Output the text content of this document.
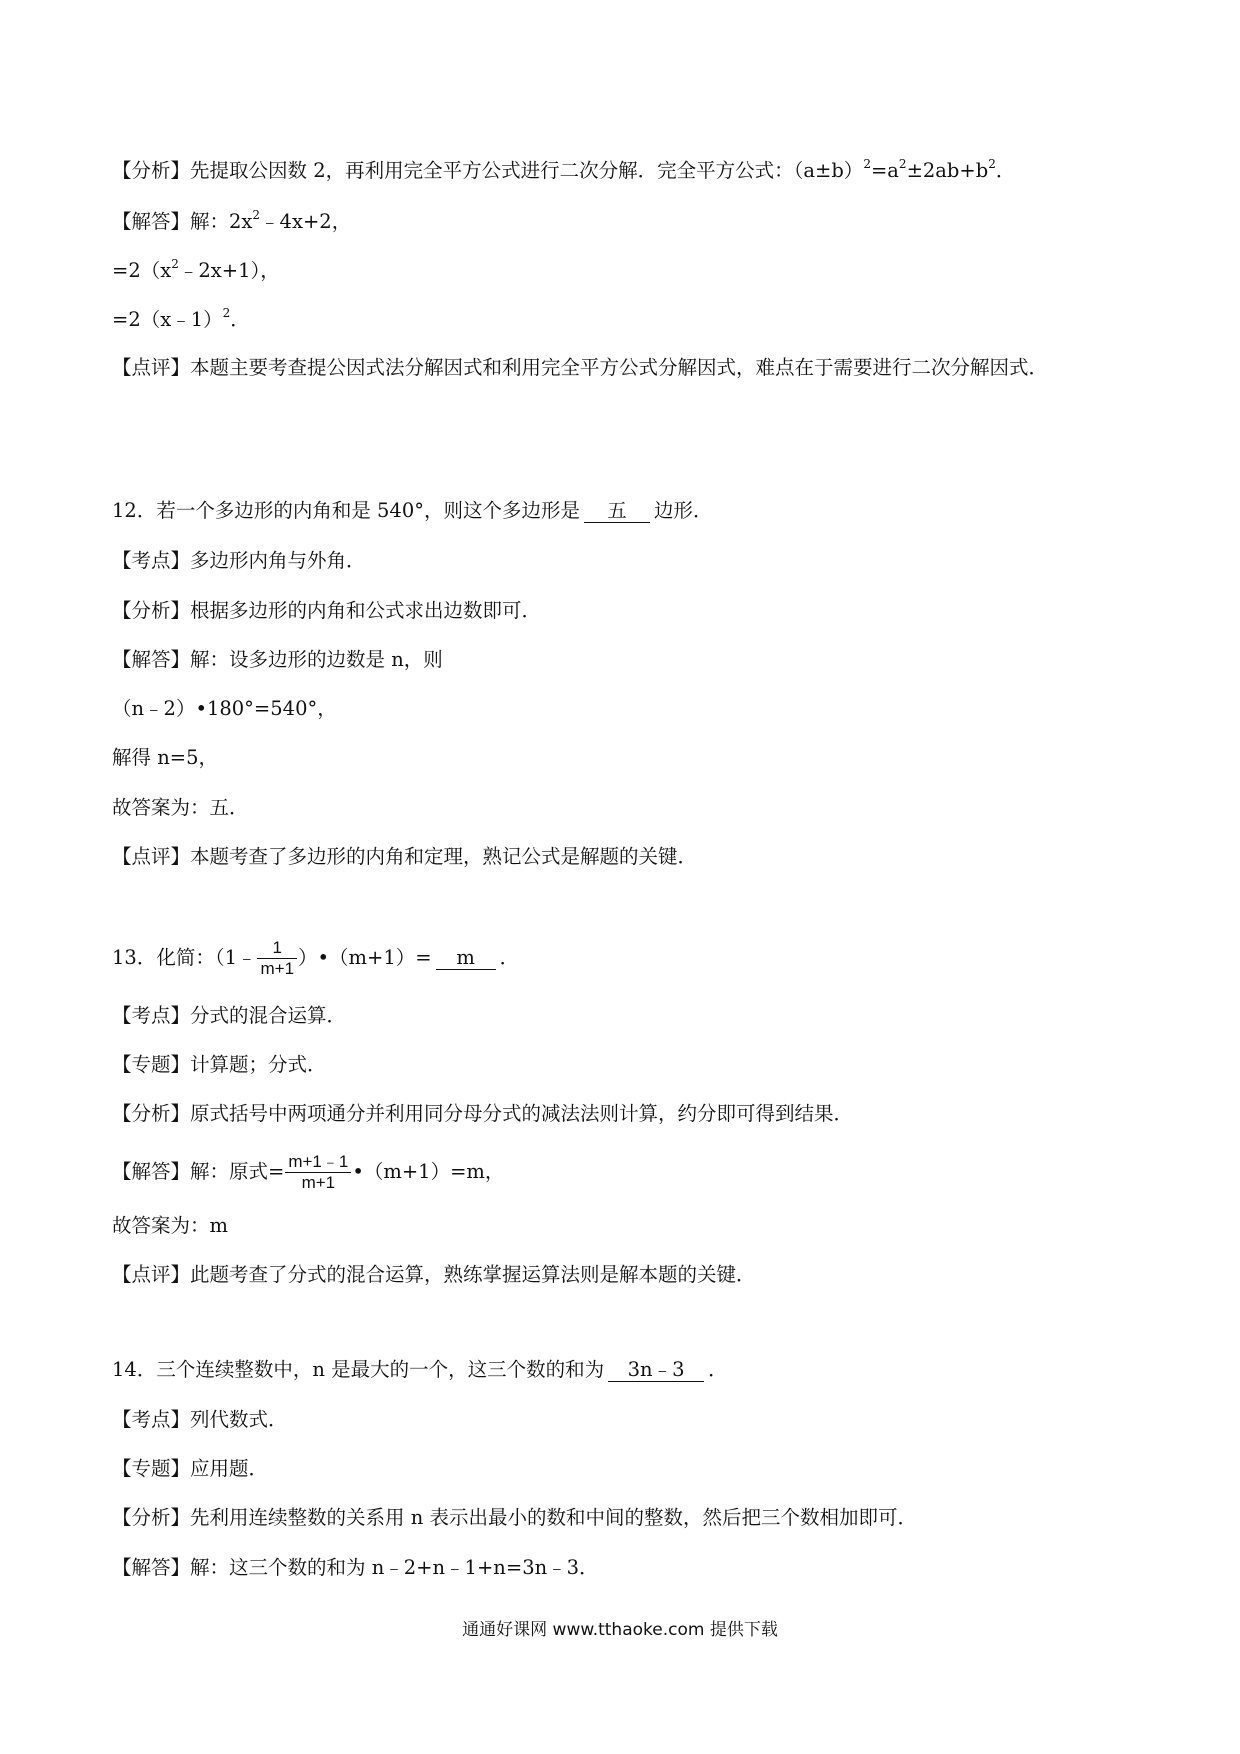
【分析】先提取公因数 2，再利用完全平方公式进行二次分解．完全平方公式：$(a\pm b)^2=a^2\pm 2ab+b^2$．
【解答】解：$2x^2﹣4x+2$，
$=2(x^2﹣2x+1)$，
=2（x﹣1）$^2$．
【点评】本题主要考查提公因式法分解因式和利用完全平方公式分解因式，难点在于需要进行二次分解因式．
12．若一个多边形的内角和是 540°，则这个多边形是 五 边形．
【考点】多边形内角与外角．
【分析】根据多边形的内角和公式求出边数即可．
【解答】解：设多边形的边数是 n，则
（n﹣2）•180°=540°，
解得 n=5，
故答案为：五．
【点评】本题考查了多边形的内角和定理，熟记公式是解题的关键．
13．化简：（1﹣ $\frac{1}{m+1}$ ）•（m+1）= m ．
【考点】分式的混合运算．
【专题】计算题；分式．
【分析】原式括号中两项通分并利用同分母分式的减法法则计算，约分即可得到结果．
【解答】解：原式= $\frac{m+1﹣1}{m+1}$ •（m+1）=m，
故答案为：m
【点评】此题考查了分式的混合运算，熟练掌握运算法则是解本题的关键．
14．三个连续整数中，n 是最大的一个，这三个数的和为 3n﹣3 ．
【考点】列代数式．
【专题】应用题．
【分析】先利用连续整数的关系用 n 表示出最小的数和中间的整数，然后把三个数相加即可．
【解答】解：这三个数的和为 n﹣2+n﹣1+n=3n﹣3．
通通好课网 www.tthaoke.com 提供下载
